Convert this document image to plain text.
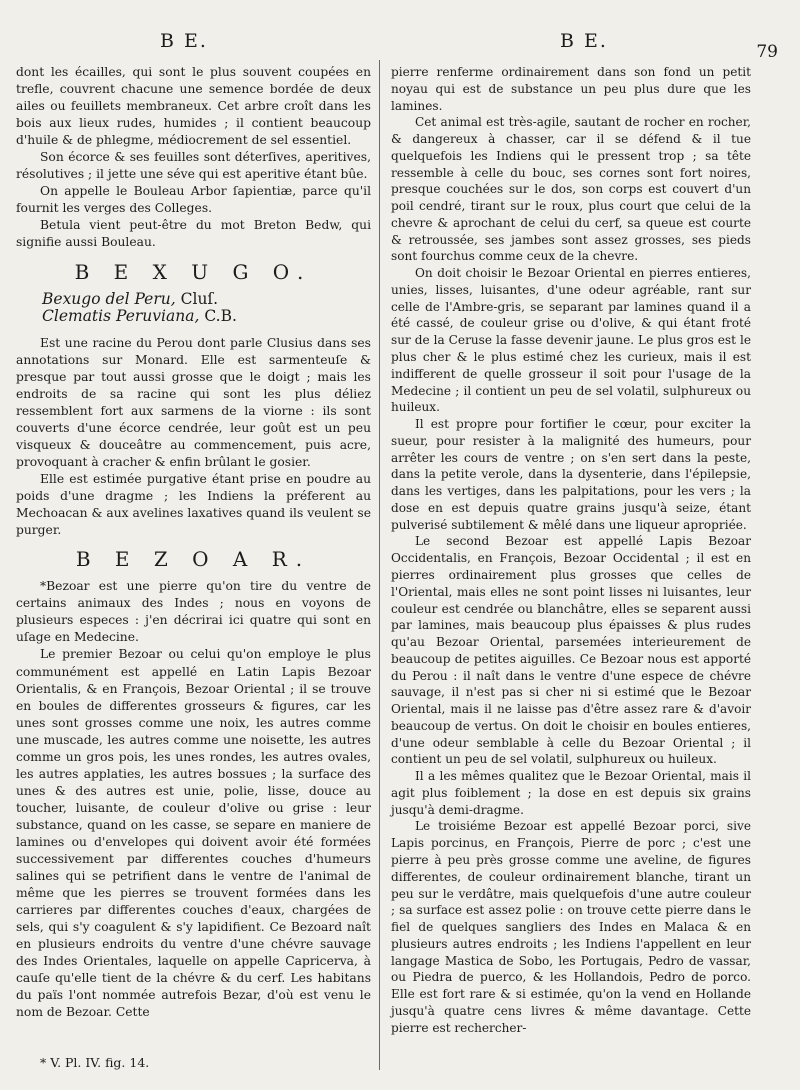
B E.	B E.	79

dont les écailles, qui sont le plus souvent coupées en trefle, couvrent chacune une semence bordée de deux ailes ou feuillets membraneux. Cet arbre croît dans les bois aux lieux rudes, humides ; il contient beaucoup d'huile & de phlegme, médiocrement de sel essentiel.

Son écorce & ses feuilles sont déterſives, aperitives, résolutives ; il jette une séve qui est aperitive étant bûe.

On appelle le Bouleau Arbor ſapientiæ, parce qu'il fournit les verges des Colleges.

Betula vient peut-être du mot Breton Bedw, qui signifie aussi Bouleau.

B E X U G O.

Bexugo del Peru, Cluſ.

Clematis Peruviana, C.B.

Est une racine du Perou dont parle Clusius dans ses annotations sur Monard. Elle est sarmenteuſe & presque par tout aussi grosse que le doigt ; mais les endroits de sa racine qui sont les plus déliez ressemblent fort aux sarmens de la viorne : ils sont couverts d'une écorce cendrée, leur goût est un peu visqueux & douceâtre au commencement, puis acre, provoquant à cracher & enfin brûlant le gosier.

Elle est estimée purgative étant prise en poudre au poids d'une dragme ; les Indiens la préferent au Mechoacan & aux avelines laxatives quand ils veulent se purger.

B E Z O A R.

*Bezoar est une pierre qu'on tire du ventre de certains animaux des Indes ; nous en voyons de plusieurs especes : j'en décrirai ici quatre qui sont en uſage en Medecine.

Le premier Bezoar ou celui qu'on employe le plus communément est appellé en Latin Lapis Bezoar Orientalis, & en François, Bezoar Oriental ; il se trouve en boules de differentes grosseurs & figures, car les unes sont grosses comme une noix, les autres comme une muscade, les autres comme une noisette, les autres comme un gros pois, les unes rondes, les autres ovales, les autres applaties, les autres bossues ; la surface des unes & des autres est unie, polie, lisse, douce au toucher, luisante, de couleur d'olive ou grise : leur substance, quand on les casse, se separe en maniere de lamines ou d'envelopes qui doivent avoir été formées successivement par differentes couches d'humeurs salines qui se petrifient dans le ventre de l'animal de même que les pierres se trouvent formées dans les carrieres par differentes couches d'eaux, chargées de sels, qui s'y coagulent & s'y lapidifient. Ce Bezoard naît en plusieurs endroits du ventre d'une chévre sauvage des Indes Orientales, laquelle on appelle Capricerva, à cauſe qu'elle tient de la chévre & du cerf. Les habitans du païs l'ont nommée autrefois Bezar, d'où est venu le nom de Bezoar. Cette

pierre renferme ordinairement dans son fond un petit noyau qui est de substance un peu plus dure que les lamines.

Cet animal est très-agile, sautant de rocher en rocher, & dangereux à chasser, car il se défend & il tue quelquefois les Indiens qui le pressent trop ; sa tête ressemble à celle du bouc, ses cornes sont fort noires, presque couchées sur le dos, son corps est couvert d'un poil cendré, tirant sur le roux, plus court que celui de la chevre & aprochant de celui du cerf, sa queue est courte & retroussée, ses jambes sont assez grosses, ses pieds sont fourchus comme ceux de la chevre.

On doit choisir le Bezoar Oriental en pierres entieres, unies, lisses, luisantes, d'une odeur agréable, rant sur celle de l'Ambre-gris, se separant par lamines quand il a été cassé, de couleur grise ou d'olive, & qui étant froté sur de la Ceruse la fasse devenir jaune. Le plus gros est le plus cher & le plus estimé chez les curieux, mais il est indifferent de quelle grosseur il soit pour l'usage de la Medecine ; il contient un peu de sel volatil, sulphureux ou huileux.

Il est propre pour fortifier le cœur, pour exciter la sueur, pour resister à la malignité des humeurs, pour arrêter les cours de ventre ; on s'en sert dans la peste, dans la petite verole, dans la dysenterie, dans l'épilepsie, dans les vertiges, dans les palpitations, pour les vers ; la dose en est depuis quatre grains jusqu'à seize, étant pulverisé subtilement & mêlé dans une liqueur apropriée.

Le second Bezoar est appellé Lapis Bezoar Occidentalis, en François, Bezoar Occidental ; il est en pierres ordinairement plus grosses que celles de l'Oriental, mais elles ne sont point lisses ni luisantes, leur couleur est cendrée ou blanchâtre, elles se separent aussi par lamines, mais beaucoup plus épaisses & plus rudes qu'au Bezoar Oriental, parsemées interieurement de beaucoup de petites aiguilles. Ce Bezoar nous est apporté du Perou : il naît dans le ventre d'une espece de chévre sauvage, il n'est pas si cher ni si estimé que le Bezoar Oriental, mais il ne laisse pas d'être assez rare & d'avoir beaucoup de vertus. On doit le choisir en boules entieres, d'une odeur semblable à celle du Bezoar Oriental ; il contient un peu de sel volatil, sulphureux ou huileux.

Il a les mêmes qualitez que le Bezoar Oriental, mais il agit plus foiblement ; la dose en est depuis six grains jusqu'à demi-dragme.

Le troisiéme Bezoar est appellé Bezoar porci, sive Lapis porcinus, en François, Pierre de porc ; c'est une pierre à peu près grosse comme une aveline, de figures differentes, de couleur ordinairement blanche, tirant un peu sur le verdâtre, mais quelquefois d'une autre couleur ; sa surface est assez polie : on trouve cette pierre dans le fiel de quelques sangliers des Indes en Malaca & en plusieurs autres endroits ; les Indiens l'appellent en leur langage Mastica de Sobo, les Portugais, Pedro de vassar, ou Piedra de puerco, & les Hollandois, Pedro de porco. Elle est fort rare & si estimée, qu'on la vend en Hollande jusqu'à quatre cens livres & même davantage. Cette pierre est rechercher-

* V. Pl. IV. fig. 14.
